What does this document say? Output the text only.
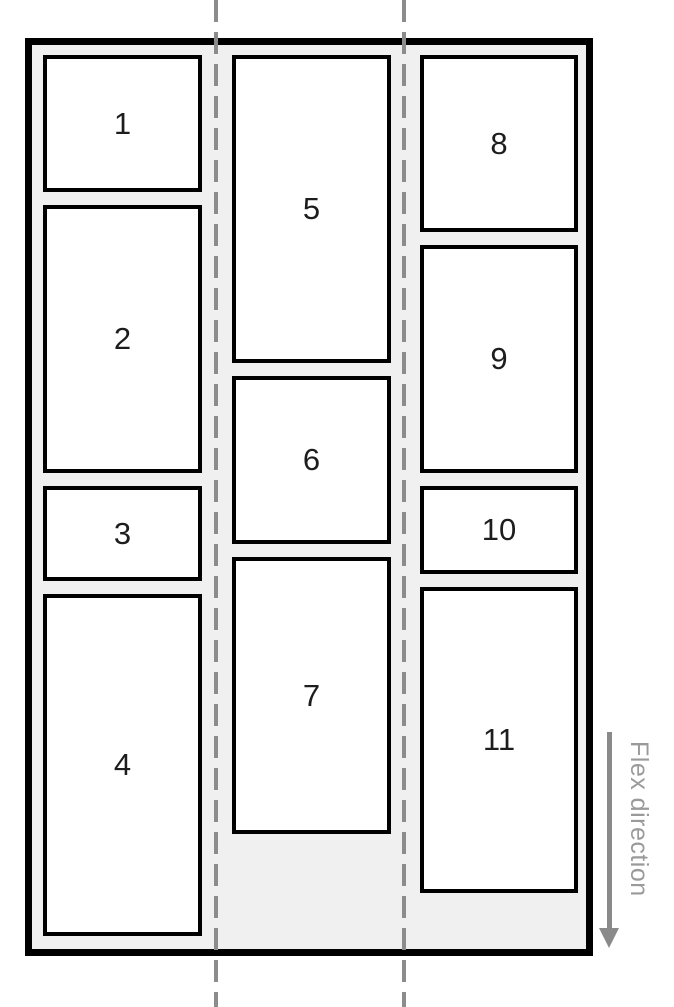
1
2
3
4
5
6
7
8
9
10
11
Flex direction
